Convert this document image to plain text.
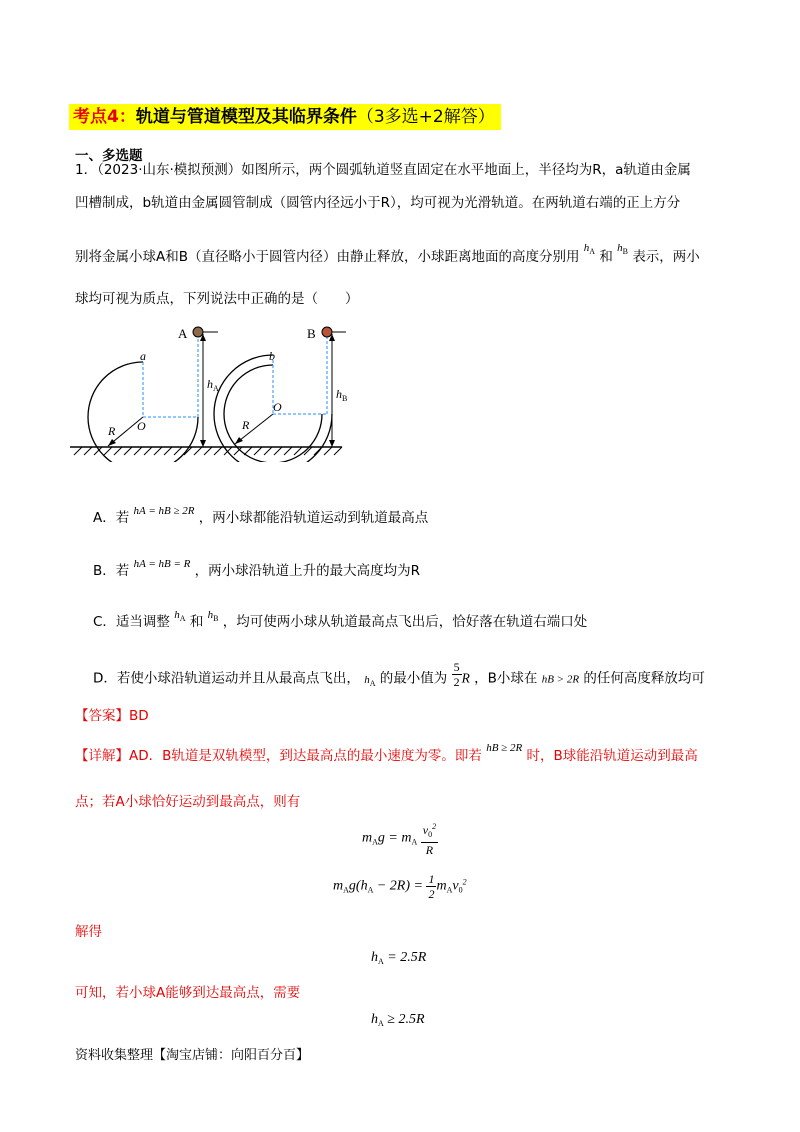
考点4：轨道与管道模型及其临界条件（3多选+2解答）
一、多选题
1．（2023·山东·模拟预测）如图所示，两个圆弧轨道竖直固定在水平地面上，半径均为R，a轨道由金属
凹槽制成，b轨道由金属圆管制成（圆管内径远小于R），均可视为光滑轨道。在两轨道右端的正上方分
别将金属小球A和B（直径略小于圆管内径）由静止释放，小球距离地面的高度分别用 $^{h_A}$ 和 $^{h_B}$ 表示，两小
球均可视为质点，下列说法中正确的是（　　）
A	B
a	b
O
O
R	R
$h_A$	$h_B$
A．若 $^{hA = hB \ge 2R}$ ，两小球都能沿轨道运动到轨道最高点
B．若 $^{hA = hB = R}$ ，两小球沿轨道上升的最大高度均为R
C．适当调整 $^{h_A}$ 和 $^{h_B}$ ，均可使两小球从轨道最高点飞出后，恰好落在轨道右端口处
D．若使小球沿轨道运动并且从最高点飞出， $h_A$ 的最小值为 $\frac{5}{2}$ R ，B小球在 hB > 2R 的任何高度释放均可
【答案】BD
【详解】AD．B轨道是双轨模型，到达最高点的最小速度为零。即若 $^{hB \ge 2R}$ 时，B球能沿轨道运动到最高
点；若A小球恰好运动到最高点，则有
$m_Ag = m_A \frac{v_0^2}{R}$
$m_Ag(h_A - 2R) = \frac{1}{2} m_Av_0^2$
解得
$h_A = 2.5R$
可知，若小球A能够到达最高点，需要
$h_A \ge 2.5R$
资料收集整理【淘宝店铺：向阳百分百】
